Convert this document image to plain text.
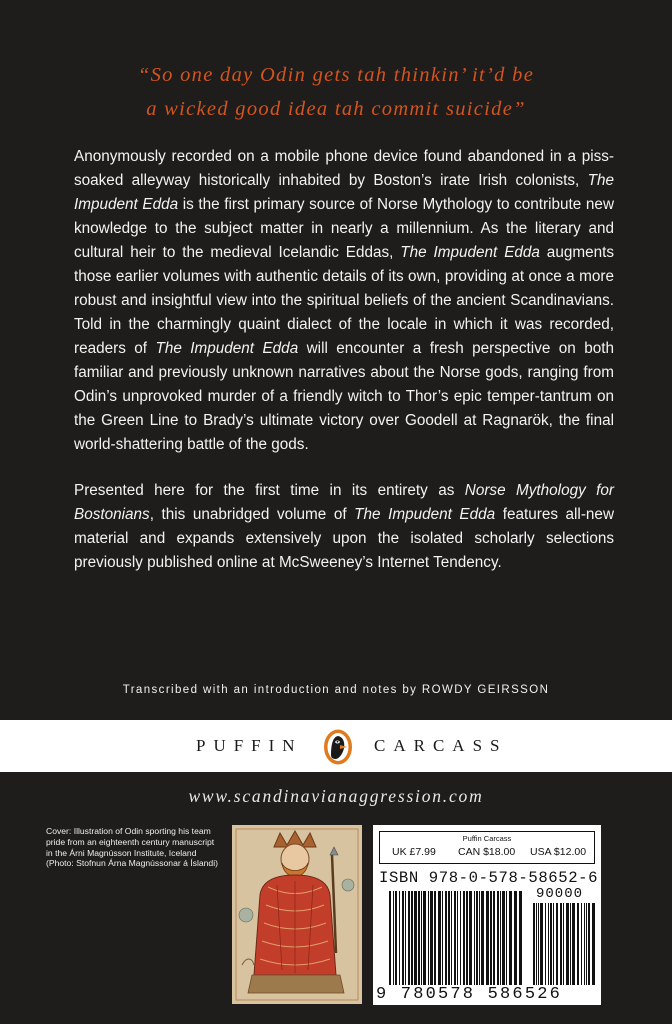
“So one day Odin gets tah thinkin’ it’d be
a wicked good idea tah commit suicide”

Anonymously recorded on a mobile phone device found abandoned in a piss-soaked alleyway historically inhabited by Boston’s irate Irish colonists, The Impudent Edda is the first primary source of Norse Mythology to contribute new knowledge to the subject matter in nearly a millennium. As the literary and cultural heir to the medieval Icelandic Eddas, The Impudent Edda augments those earlier volumes with authentic details of its own, providing at once a more robust and insightful view into the spiritual beliefs of the ancient Scandinavians. Told in the charmingly quaint dialect of the locale in which it was recorded, readers of The Impudent Edda will encounter a fresh perspective on both familiar and previously unknown narratives about the Norse gods, ranging from Odin’s unprovoked murder of a friendly witch to Thor’s epic temper-tantrum on the Green Line to Brady’s ultimate victory over Goodell at Ragnarök, the final world-shattering battle of the gods.

Presented here for the first time in its entirety as Norse Mythology for Bostonians, this unabridged volume of The Impudent Edda features all-new material and expands extensively upon the isolated scholarly selections previously published online at McSweeney’s Internet Tendency.

Transcribed with an introduction and notes by ROWDY GEIRSSON
PUFFIN	CARCASS
www.scandinavianaggression.com

Cover: Illustration of Odin sporting his team pride from an eighteenth century manuscript in the Árni Magnússon Institute, Iceland (Photo: Stofnun Árna Magnússonar á Íslandi)

Puffin Carcass
UK £7.99 CAN $18.00 USA $12.00
ISBN 978-0-578-58652-6
90000
9 780578 586526
